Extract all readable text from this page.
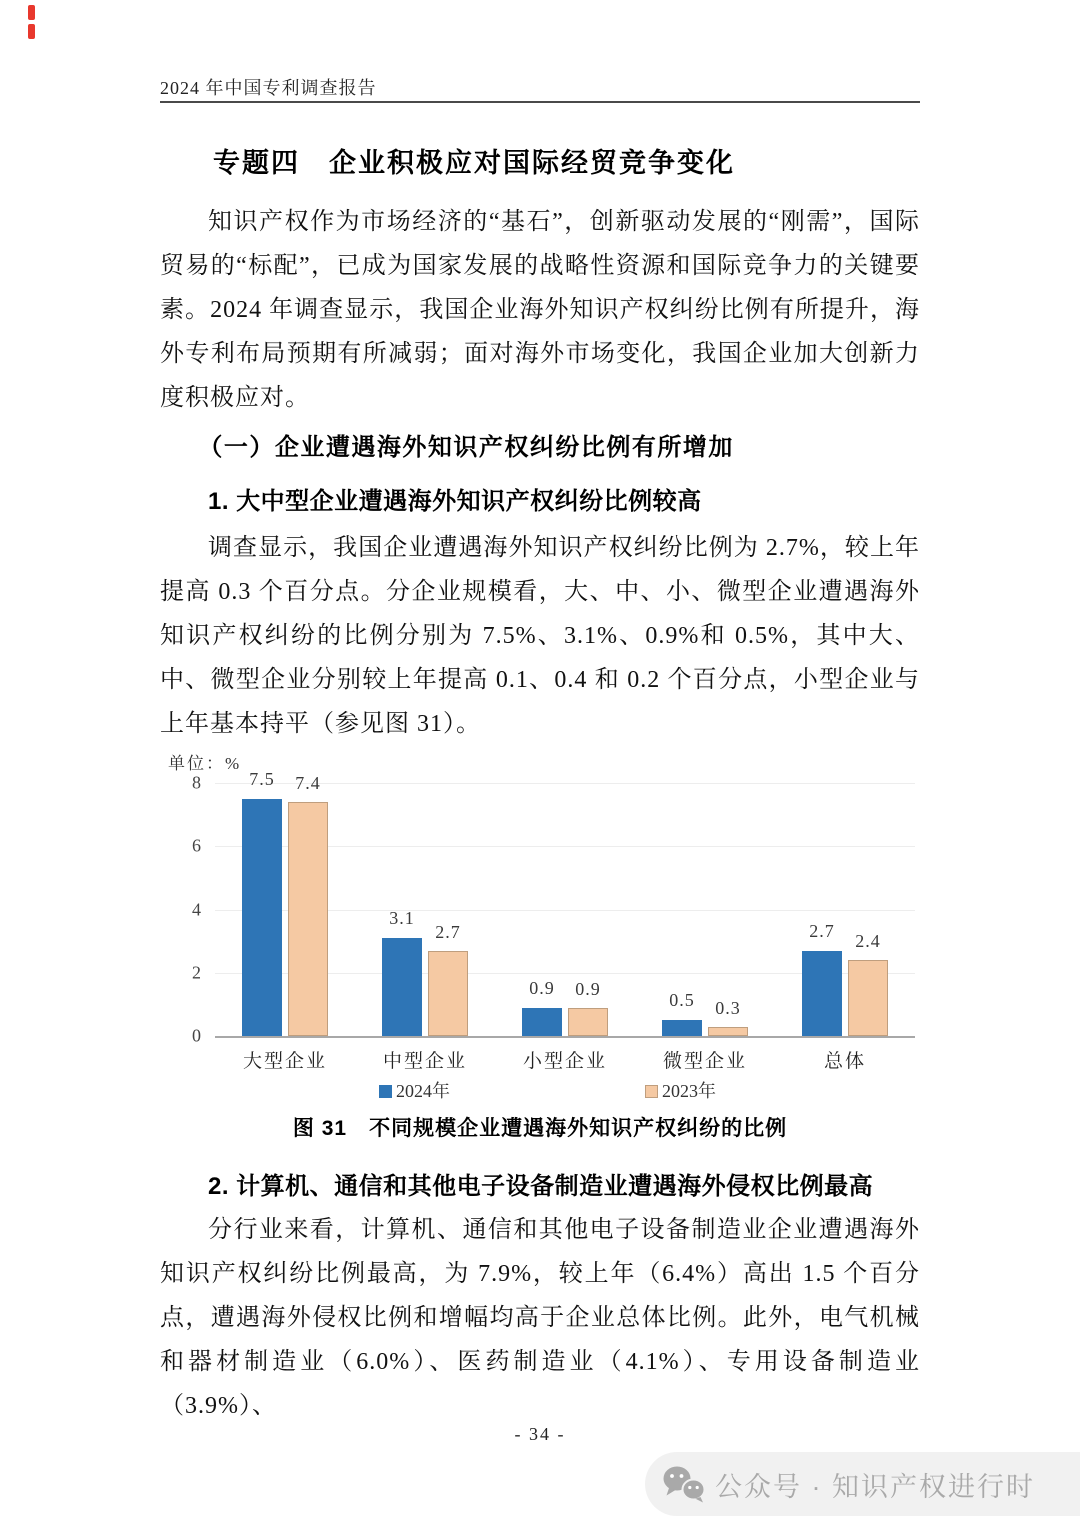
2024 年中国专利调查报告
专题四　企业积极应对国际经贸竞争变化

知识产权作为市场经济的“基石”，创新驱动发展的“刚需”，国际贸易的“标配”，已成为国家发展的战略性资源和国际竞争力的关键要素。2024 年调查显示，我国企业海外知识产权纠纷比例有所提升，海外专利布局预期有所减弱；面对海外市场变化，我国企业加大创新力度积极应对。

（一）企业遭遇海外知识产权纠纷比例有所增加
1. 大中型企业遭遇海外知识产权纠纷比例较高

调查显示，我国企业遭遇海外知识产权纠纷比例为 2.7%，较上年提高 0.3 个百分点。分企业规模看，大、中、小、微型企业遭遇海外知识产权纠纷的比例分别为 7.5%、3.1%、0.9%和 0.5%，其中大、中、微型企业分别较上年提高 0.1、0.4 和 0.2 个百分点，小型企业与上年基本持平（参见图 31）。

单位：%
0
2
4
6
8	7.5 7.4
3.1
2.7
0.9 0.9
0.5 0.3
2.7
2.4
大型企业	中型企业	小型企业	微型企业	总体
2024年	2023年
图 31　不同规模企业遭遇海外知识产权纠纷的比例
2. 计算机、通信和其他电子设备制造业遭遇海外侵权比例最高

分行业来看，计算机、通信和其他电子设备制造业企业遭遇海外知识产权纠纷比例最高，为 7.9%，较上年（6.4%）高出 1.5 个百分点，遭遇海外侵权比例和增幅均高于企业总体比例。此外，电气机械和器材制造业（6.0%）、医药制造业（4.1%）、专用设备制造业（3.9%）、

- 34 -
公众号 · 知识产权进行时
